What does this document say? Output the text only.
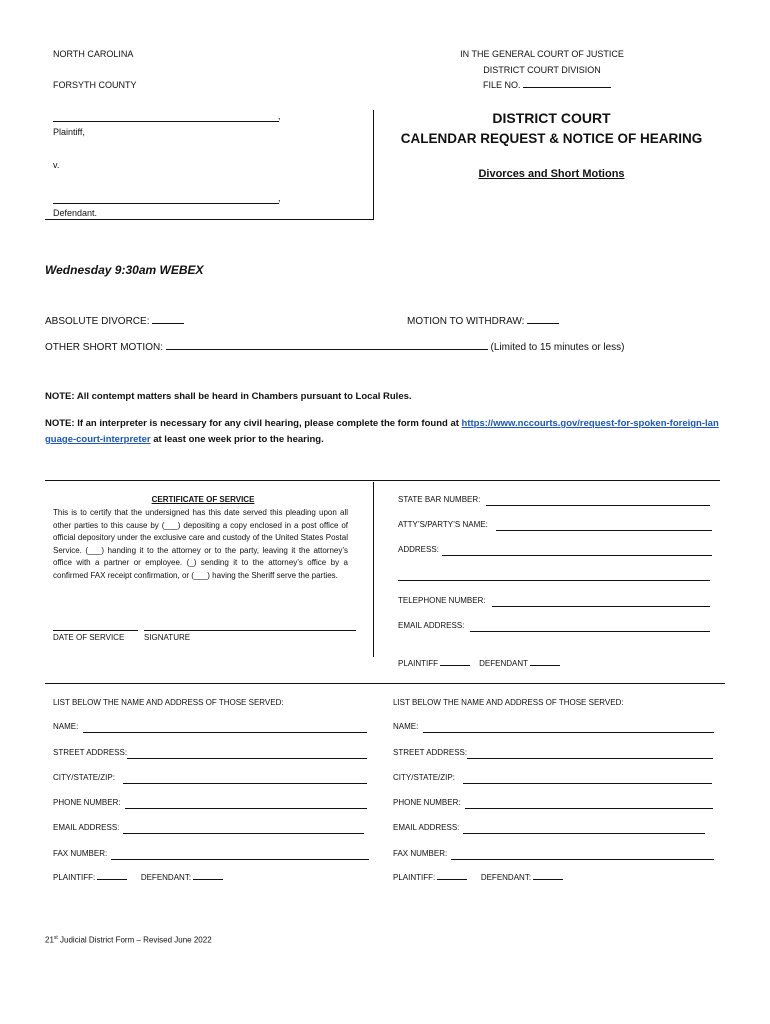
NORTH CAROLINA
FORSYTH COUNTY
IN THE GENERAL COURT OF JUSTICE
DISTRICT COURT DIVISION
FILE NO.
,
Plaintiff,
v.
,
Defendant.
DISTRICT COURT
CALENDAR REQUEST & NOTICE OF HEARING
Divorces and Short Motions
Wednesday 9:30am WEBEX
ABSOLUTE DIVORCE:	MOTION TO WITHDRAW:
OTHER SHORT MOTION:	(Limited to 15 minutes or less)
NOTE: All contempt matters shall be heard in Chambers pursuant to Local Rules.
NOTE: If an interpreter is necessary for any civil hearing, please complete the form found at https://www.nccourts.gov/request-for-spoken-foreign-language-court-interpreter at least one week prior to the hearing.
CERTIFICATE OF SERVICE
This is to certify that the undersigned has this date served this pleading upon all other parties to this cause by (___) depositing a copy enclosed in a post office of official depository under the exclusive care and custody of the United States Postal Service. (___) handing it to the attorney or to the party, leaving it the attorney’s office with a partner or employee. (_) sending it to the attorney’s office by a confirmed FAX receipt confirmation, or (___) having the Sheriff serve the parties.
DATE OF SERVICE SIGNATURE
STATE BAR NUMBER:
ATTY’S/PARTY’S NAME:
ADDRESS:
TELEPHONE NUMBER:
EMAIL ADDRESS:
PLAINTIFF	DEFENDANT
LIST BELOW THE NAME AND ADDRESS OF THOSE SERVED:
NAME:
STREET ADDRESS:
CITY/STATE/ZIP:
PHONE NUMBER:
EMAIL ADDRESS:
FAX NUMBER:
PLAINTIFF:	DEFENDANT:
LIST BELOW THE NAME AND ADDRESS OF THOSE SERVED:
NAME:
STREET ADDRESS:
CITY/STATE/ZIP:
PHONE NUMBER:
EMAIL ADDRESS:
FAX NUMBER:
PLAINTIFF:	DEFENDANT:
21st Judicial District Form – Revised June 2022
